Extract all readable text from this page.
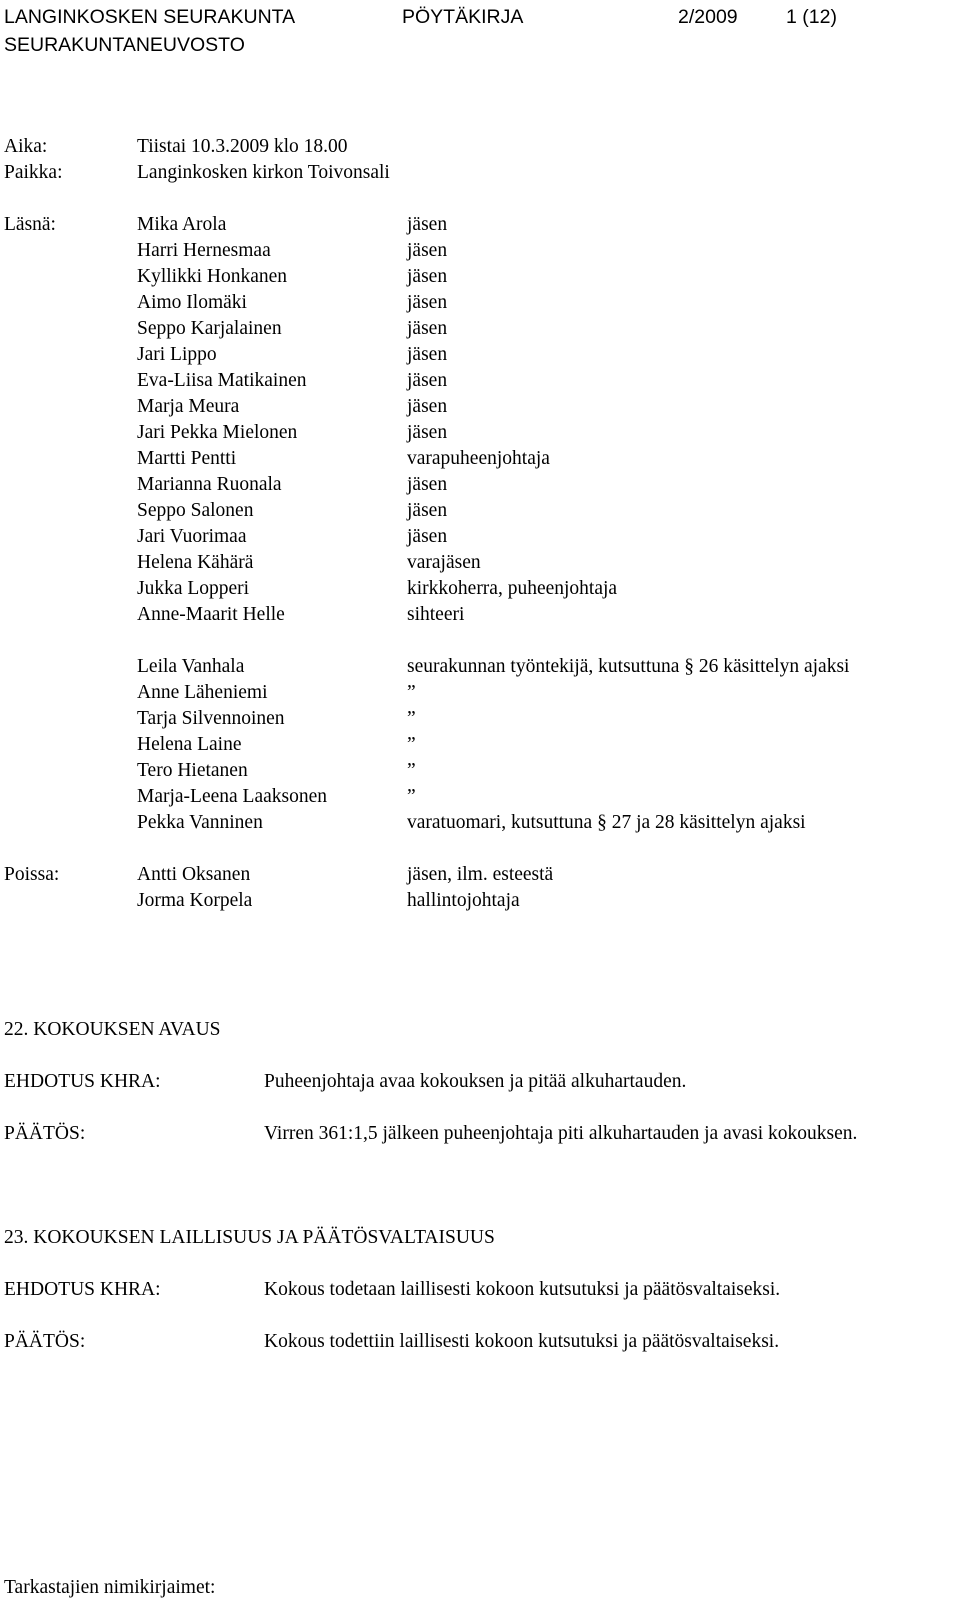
LANGINKOSKEN SEURAKUNTA	PÖYTÄKIRJA	2/2009 1 (12)
SEURAKUNTANEUVOSTO
Aika:	Tiistai 10.3.2009 klo 18.00
Paikka:	Langinkosken kirkon Toivonsali
Läsnä:	Mika Arola	jäsen
Harri Hernesmaa	jäsen
Kyllikki Honkanen	jäsen
Aimo Ilomäki	jäsen
Seppo Karjalainen	jäsen
Jari Lippo	jäsen
Eva-Liisa Matikainen	jäsen
Marja Meura	jäsen
Jari Pekka Mielonen	jäsen
Martti Pentti	varapuheenjohtaja
Marianna Ruonala	jäsen
Seppo Salonen	jäsen
Jari Vuorimaa	jäsen
Helena Kähärä	varajäsen
Jukka Lopperi	kirkkoherra, puheenjohtaja
Anne-Maarit Helle	sihteeri
Leila Vanhala	seurakunnan työntekijä, kutsuttuna § 26 käsittelyn ajaksi
Anne Läheniemi	”
Tarja Silvennoinen	”
Helena Laine	”
Tero Hietanen	”
Marja-Leena Laaksonen	”
Pekka Vanninen	varatuomari, kutsuttuna § 27 ja 28 käsittelyn ajaksi
Poissa:	Antti Oksanen	jäsen, ilm. esteestä
Jorma Korpela	hallintojohtaja
22. KOKOUKSEN AVAUS
EHDOTUS KHRA:	Puheenjohtaja avaa kokouksen ja pitää alkuhartauden.
PÄÄTÖS:	Virren 361:1,5 jälkeen puheenjohtaja piti alkuhartauden ja avasi kokouksen.
23. KOKOUKSEN LAILLISUUS JA PÄÄTÖSVALTAISUUS
EHDOTUS KHRA:	Kokous todetaan laillisesti kokoon kutsutuksi ja päätösvaltaiseksi.
PÄÄTÖS:	Kokous todettiin laillisesti kokoon kutsutuksi ja päätösvaltaiseksi.
Tarkastajien nimikirjaimet:
